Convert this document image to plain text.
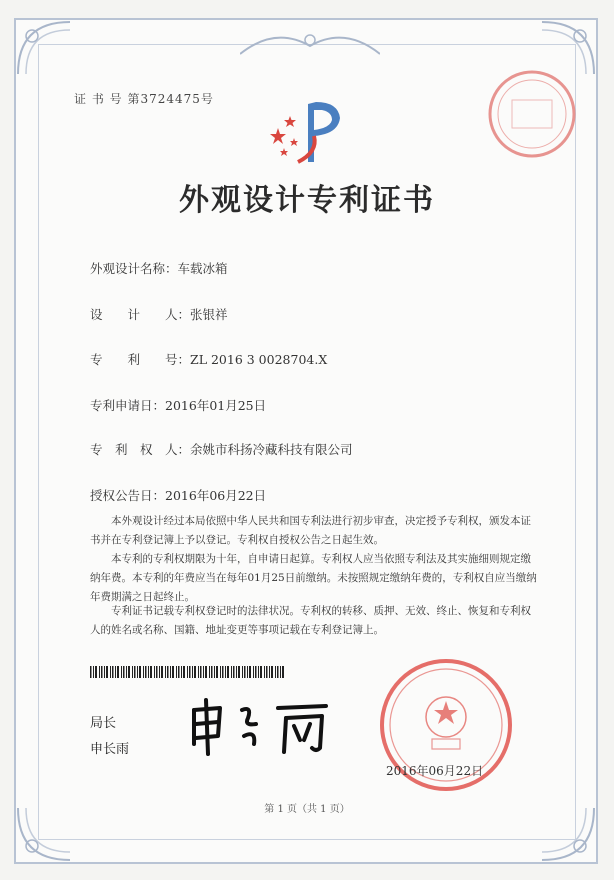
证 书 号 第3724475号
外观设计专利证书
外观设计名称：车载冰箱
设　　计　　人：张银祥
专　　利　　号：ZL 2016 3 0028704.X
专利申请日：2016年01月25日
专　利　权　人：余姚市科扬冷藏科技有限公司
授权公告日：2016年06月22日
本外观设计经过本局依照中华人民共和国专利法进行初步审查，决定授予专利权，颁发本证书并在专利登记簿上予以登记。专利权自授权公告之日起生效。
本专利的专利权期限为十年，自申请日起算。专利权人应当依照专利法及其实施细则规定缴纳年费。本专利的年费应当在每年01月25日前缴纳。未按照规定缴纳年费的，专利权自应当缴纳年费期满之日起终止。
专利证书记载专利权登记时的法律状况。专利权的转移、质押、无效、终止、恢复和专利权人的姓名或名称、国籍、地址变更等事项记载在专利登记簿上。
局长
申长雨
2016年06月22日
第 1 页（共 1 页）
